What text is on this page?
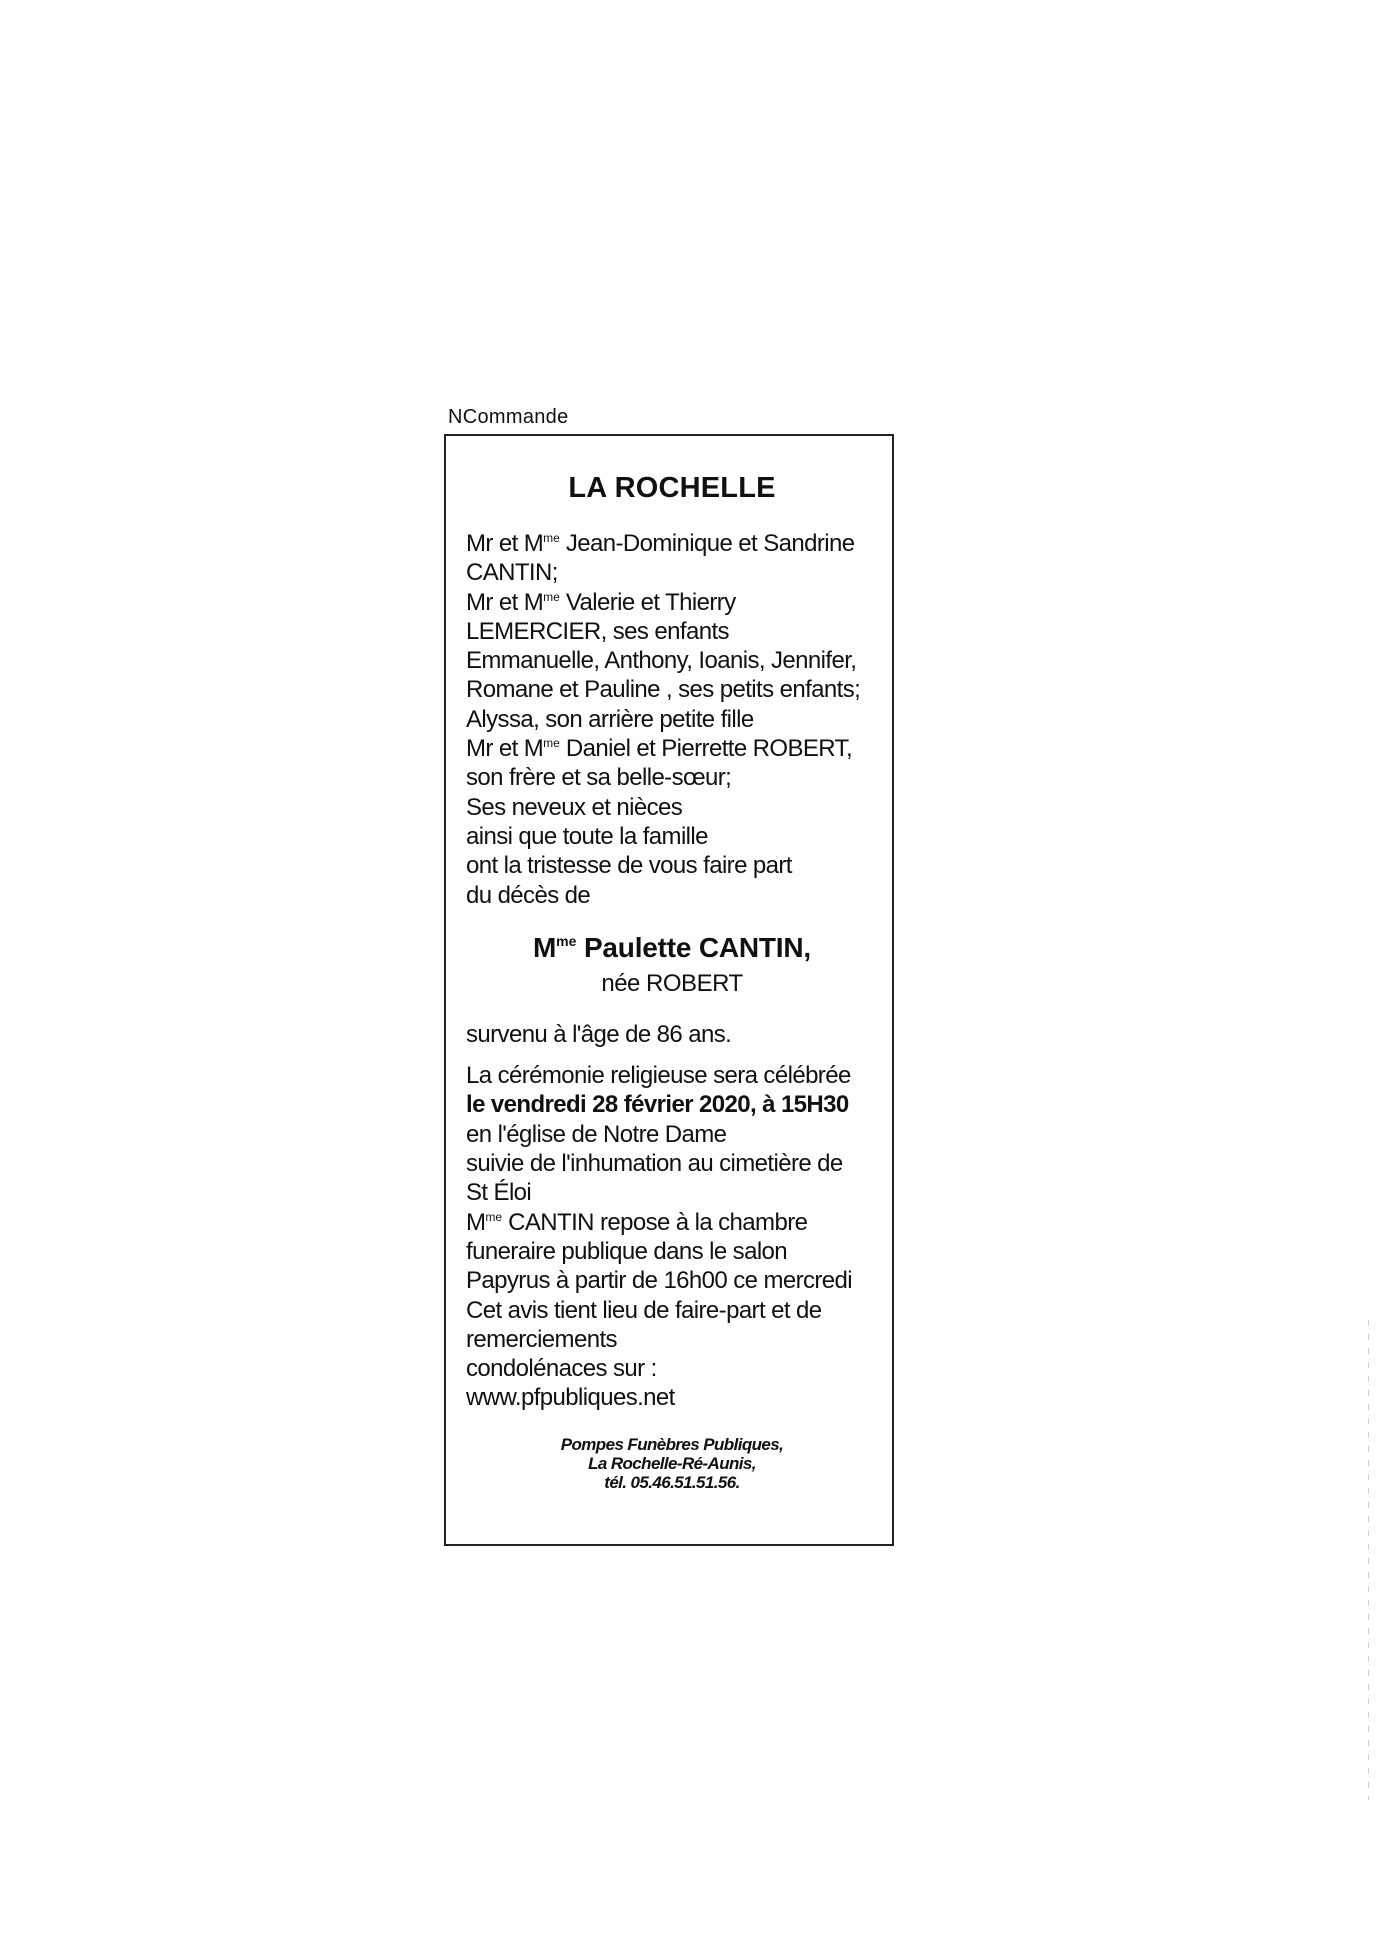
NCommande
LA ROCHELLE
Mr et $M^{me}$ Jean-Dominique et Sandrine
CANTIN;
Mr et $M^{me}$ Valerie et Thierry
LEMERCIER, ses enfants
Emmanuelle, Anthony, Ioanis, Jennifer,
Romane et Pauline , ses petits enfants;
Alyssa, son arrière petite fille
Mr et $M^{me}$ Daniel et Pierrette ROBERT,
son frère et sa belle-sœur;
Ses neveux et nièces
ainsi que toute la famille
ont la tristesse de vous faire part
du décès de
$M^{me}$ Paulette CANTIN,
née ROBERT
survenu à l'âge de 86 ans.
La cérémonie religieuse sera célébrée
le vendredi 28 février 2020, à 15H30
en l'église de Notre Dame
suivie de l'inhumation au cimetière de
St Éloi
$M^{me}$ CANTIN repose à la chambre
funeraire publique dans le salon
Papyrus à partir de 16h00 ce mercredi
Cet avis tient lieu de faire-part et de
remerciements
condolénaces sur :
www.pfpubliques.net
Pompes Funèbres Publiques,
La Rochelle-Ré-Aunis,
tél. 05.46.51.51.56.
